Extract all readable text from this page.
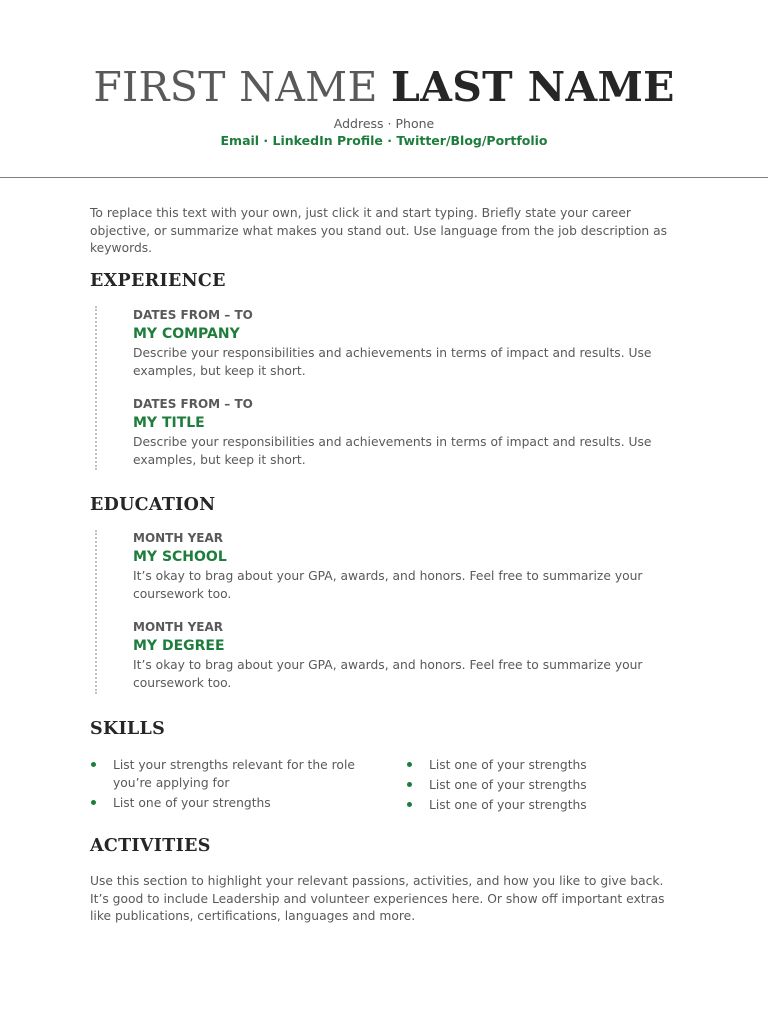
FIRST NAME LAST NAME
Address · Phone
Email · LinkedIn Profile · Twitter/Blog/Portfolio
To replace this text with your own, just click it and start typing. Briefly state your career objective, or summarize what makes you stand out. Use language from the job description as keywords.
EXPERIENCE
DATES FROM – TO
MY COMPANY
Describe your responsibilities and achievements in terms of impact and results. Use examples, but keep it short.
DATES FROM – TO
MY TITLE
Describe your responsibilities and achievements in terms of impact and results. Use examples, but keep it short.
EDUCATION
MONTH YEAR
MY SCHOOL
It’s okay to brag about your GPA, awards, and honors. Feel free to summarize your coursework too.
MONTH YEAR
MY DEGREE
It’s okay to brag about your GPA, awards, and honors. Feel free to summarize your coursework too.
SKILLS
List your strengths relevant for the role you’re applying for
List one of your strengths
List one of your strengths
List one of your strengths
List one of your strengths
ACTIVITIES
Use this section to highlight your relevant passions, activities, and how you like to give back. It’s good to include Leadership and volunteer experiences here. Or show off important extras like publications, certifications, languages and more.
